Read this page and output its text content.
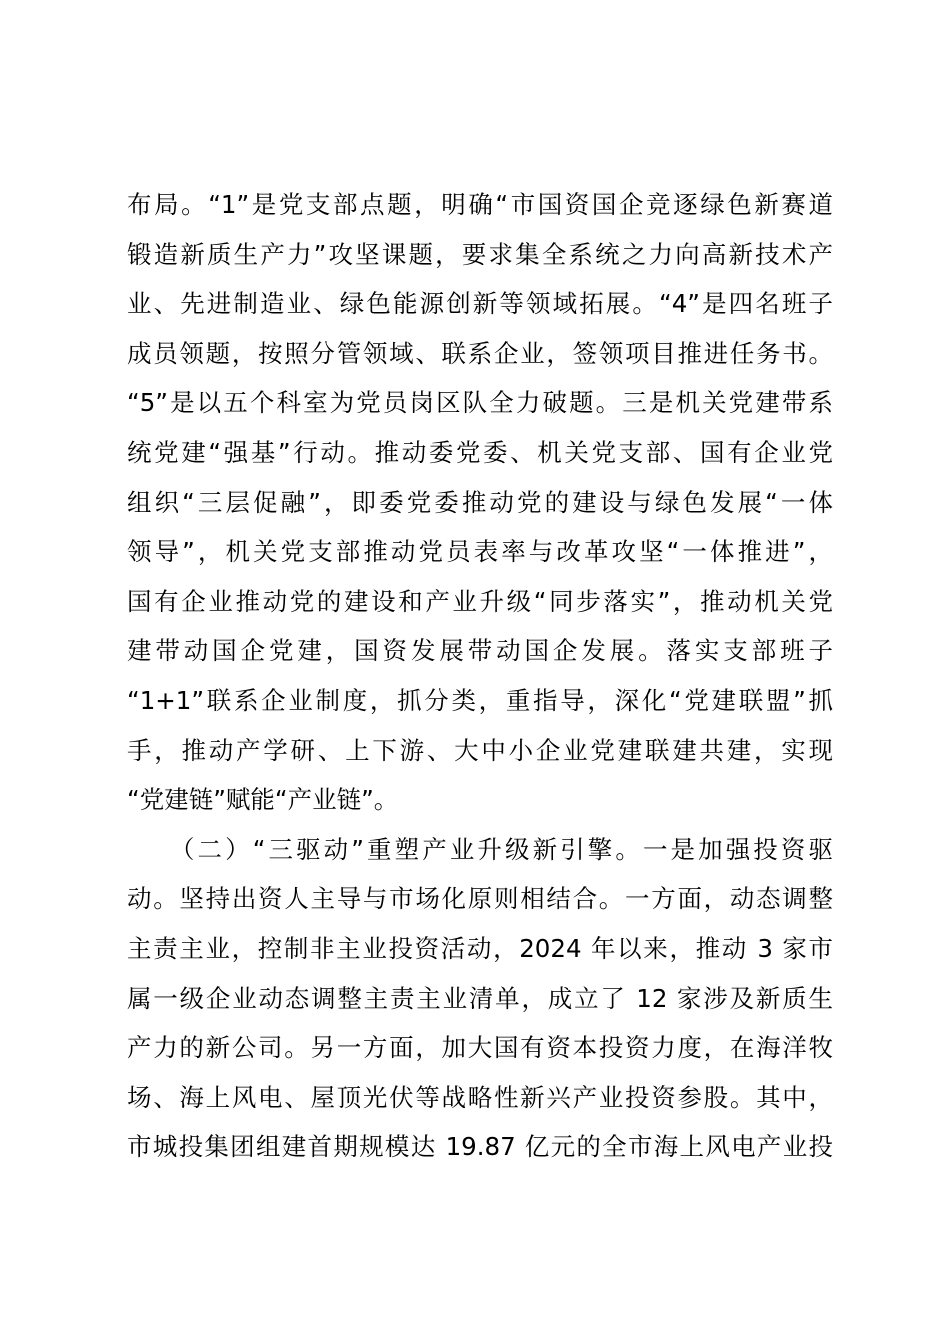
布局。“1”是党支部点题，明确“市国资国企竞逐绿色新赛道
锻造新质生产力”攻坚课题，要求集全系统之力向高新技术产
业、先进制造业、绿色能源创新等领域拓展。“4”是四名班子
成员领题，按照分管领域、联系企业，签领项目推进任务书。
“5”是以五个科室为党员岗区队全力破题。三是机关党建带系
统党建“强基”行动。推动委党委、机关党支部、国有企业党
组织“三层促融”，即委党委推动党的建设与绿色发展“一体
领导”，机关党支部推动党员表率与改革攻坚“一体推进”，
国有企业推动党的建设和产业升级“同步落实”，推动机关党
建带动国企党建，国资发展带动国企发展。落实支部班子
“1+1”联系企业制度，抓分类，重指导，深化“党建联盟”抓
手，推动产学研、上下游、大中小企业党建联建共建，实现
“党建链”赋能“产业链”。
　　（二）“三驱动”重塑产业升级新引擎。一是加强投资驱
动。坚持出资人主导与市场化原则相结合。一方面，动态调整
主责主业，控制非主业投资活动，2024 年以来，推动 3 家市
属一级企业动态调整主责主业清单，成立了 12 家涉及新质生
产力的新公司。另一方面，加大国有资本投资力度，在海洋牧
场、海上风电、屋顶光伏等战略性新兴产业投资参股。其中，
市城投集团组建首期规模达 19.87 亿元的全市海上风电产业投
